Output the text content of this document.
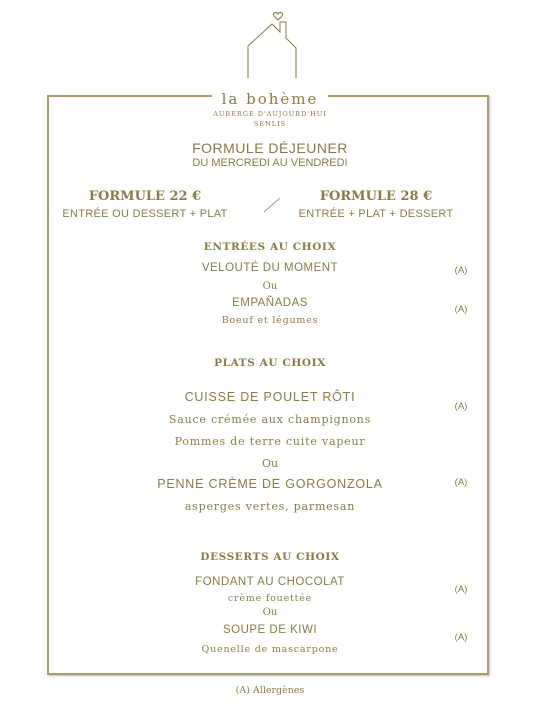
la bohème
AUBERGE D'AUJOURD'HUI
SENLIS
FORMULE DÉJEUNER
DU MERCREDI AU VENDREDI
FORMULE 22 €
ENTRÉE OU DESSERT + PLAT
FORMULE 28 €
ENTRÉE + PLAT + DESSERT
ENTRÉES AU CHOIX
VELOUTÉ DU MOMENT	(A)
Ou
EMPAÑADAS
(A)
Boeuf et légumes
PLATS AU CHOIX
CUISSE DE POULET RÔTI
(A)
Sauce crémée aux champignons
Pommes de terre cuite vapeur
Ou
PENNE CRÈME DE GORGONZOLA	(A)
asperges vertes, parmesan
DESSERTS AU CHOIX
FONDANT AU CHOCOLAT
(A)
crème fouettée
Ou
SOUPE DE KIWI
(A)
Quenelle de mascarpone
(A) Allergènes
